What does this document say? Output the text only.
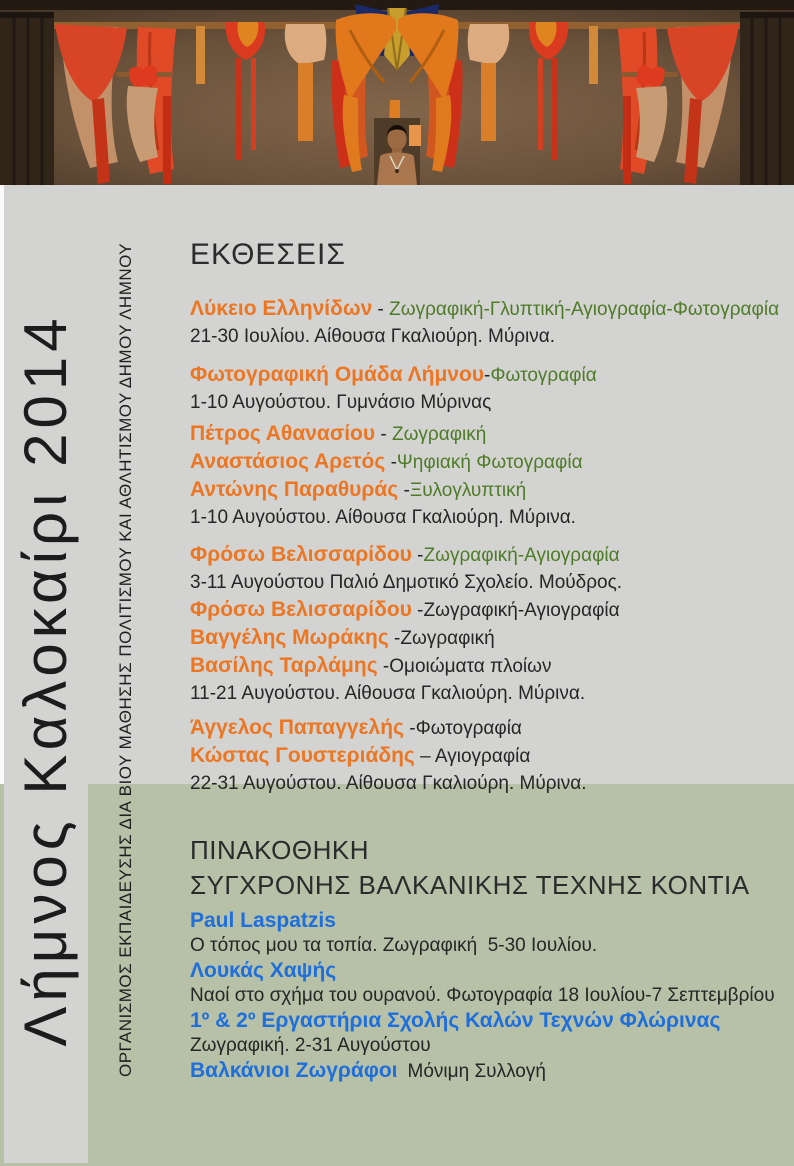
Λήμνος Καλοκαίρι 2014	ΟΡΓΑΝΙΣΜΟΣ ΕΚΠΑΙΔΕΥΣΗΣ ΔΙΑ ΒΙΟΥ ΜΑΘΗΣΗΣ ΠΟΛΙΤΙΣΜΟΥ ΚΑΙ ΑΘΛΗΤΙΣΜΟΥ ΔΗΜΟΥ ΛΗΜΝΟΥ ΕΚΘΕΣΕΙΣ
Λύκειο Ελληνίδων - Ζωγραφική-Γλυπτική-Αγιογραφία-Φωτογραφία
21-30 Ιουλίου. Αίθουσα Γκαλιούρη. Μύρινα.
Φωτογραφική Ομάδα Λήμνου-Φωτογραφία
1-10 Αυγούστου. Γυμνάσιο Μύρινας
Πέτρος Αθανασίου - Ζωγραφική
Αναστάσιος Αρετός -Ψηφιακή Φωτογραφία
Αντώνης Παραθυράς -Ξυλογλυπτική
1-10 Αυγούστου. Αίθουσα Γκαλιούρη. Μύρινα.
Φρόσω Βελισσαρίδου -Ζωγραφική-Αγιογραφία
3-11 Αυγούστου Παλιό Δημοτικό Σχολείο. Μούδρος.
Φρόσω Βελισσαρίδου -Ζωγραφική-Αγιογραφία
Βαγγέλης Μωράκης -Ζωγραφική
Βασίλης Ταρλάμης -Ομοιώματα πλοίων
11-21 Αυγούστου. Αίθουσα Γκαλιούρη. Μύρινα.
Άγγελος Παπαγγελής -Φωτογραφία
Κώστας Γουστεριάδης – Αγιογραφία
22-31 Αυγούστου. Αίθουσα Γκαλιούρη. Μύρινα.
ΠΙΝΑΚΟΘΗΚΗ
ΣΥΓΧΡΟΝΗΣ ΒΑΛΚΑΝΙΚΗΣ ΤΕΧΝΗΣ ΚΟΝΤΙΑ
Paul Laspatzis
Ο τόπος μου τα τοπία. Ζωγραφική  5-30 Ιουλίου.
Λουκάς Χαψής
Ναοί στο σχήμα του ουρανού. Φωτογραφία 18 Ιουλίου-7 Σεπτεμβρίου
1º & 2º Εργαστήρια Σχολής Καλών Τεχνών Φλώρινας
Ζωγραφική. 2-31 Αυγούστου
Βαλκάνιοι Ζωγράφοι Μόνιμη Συλλογή
